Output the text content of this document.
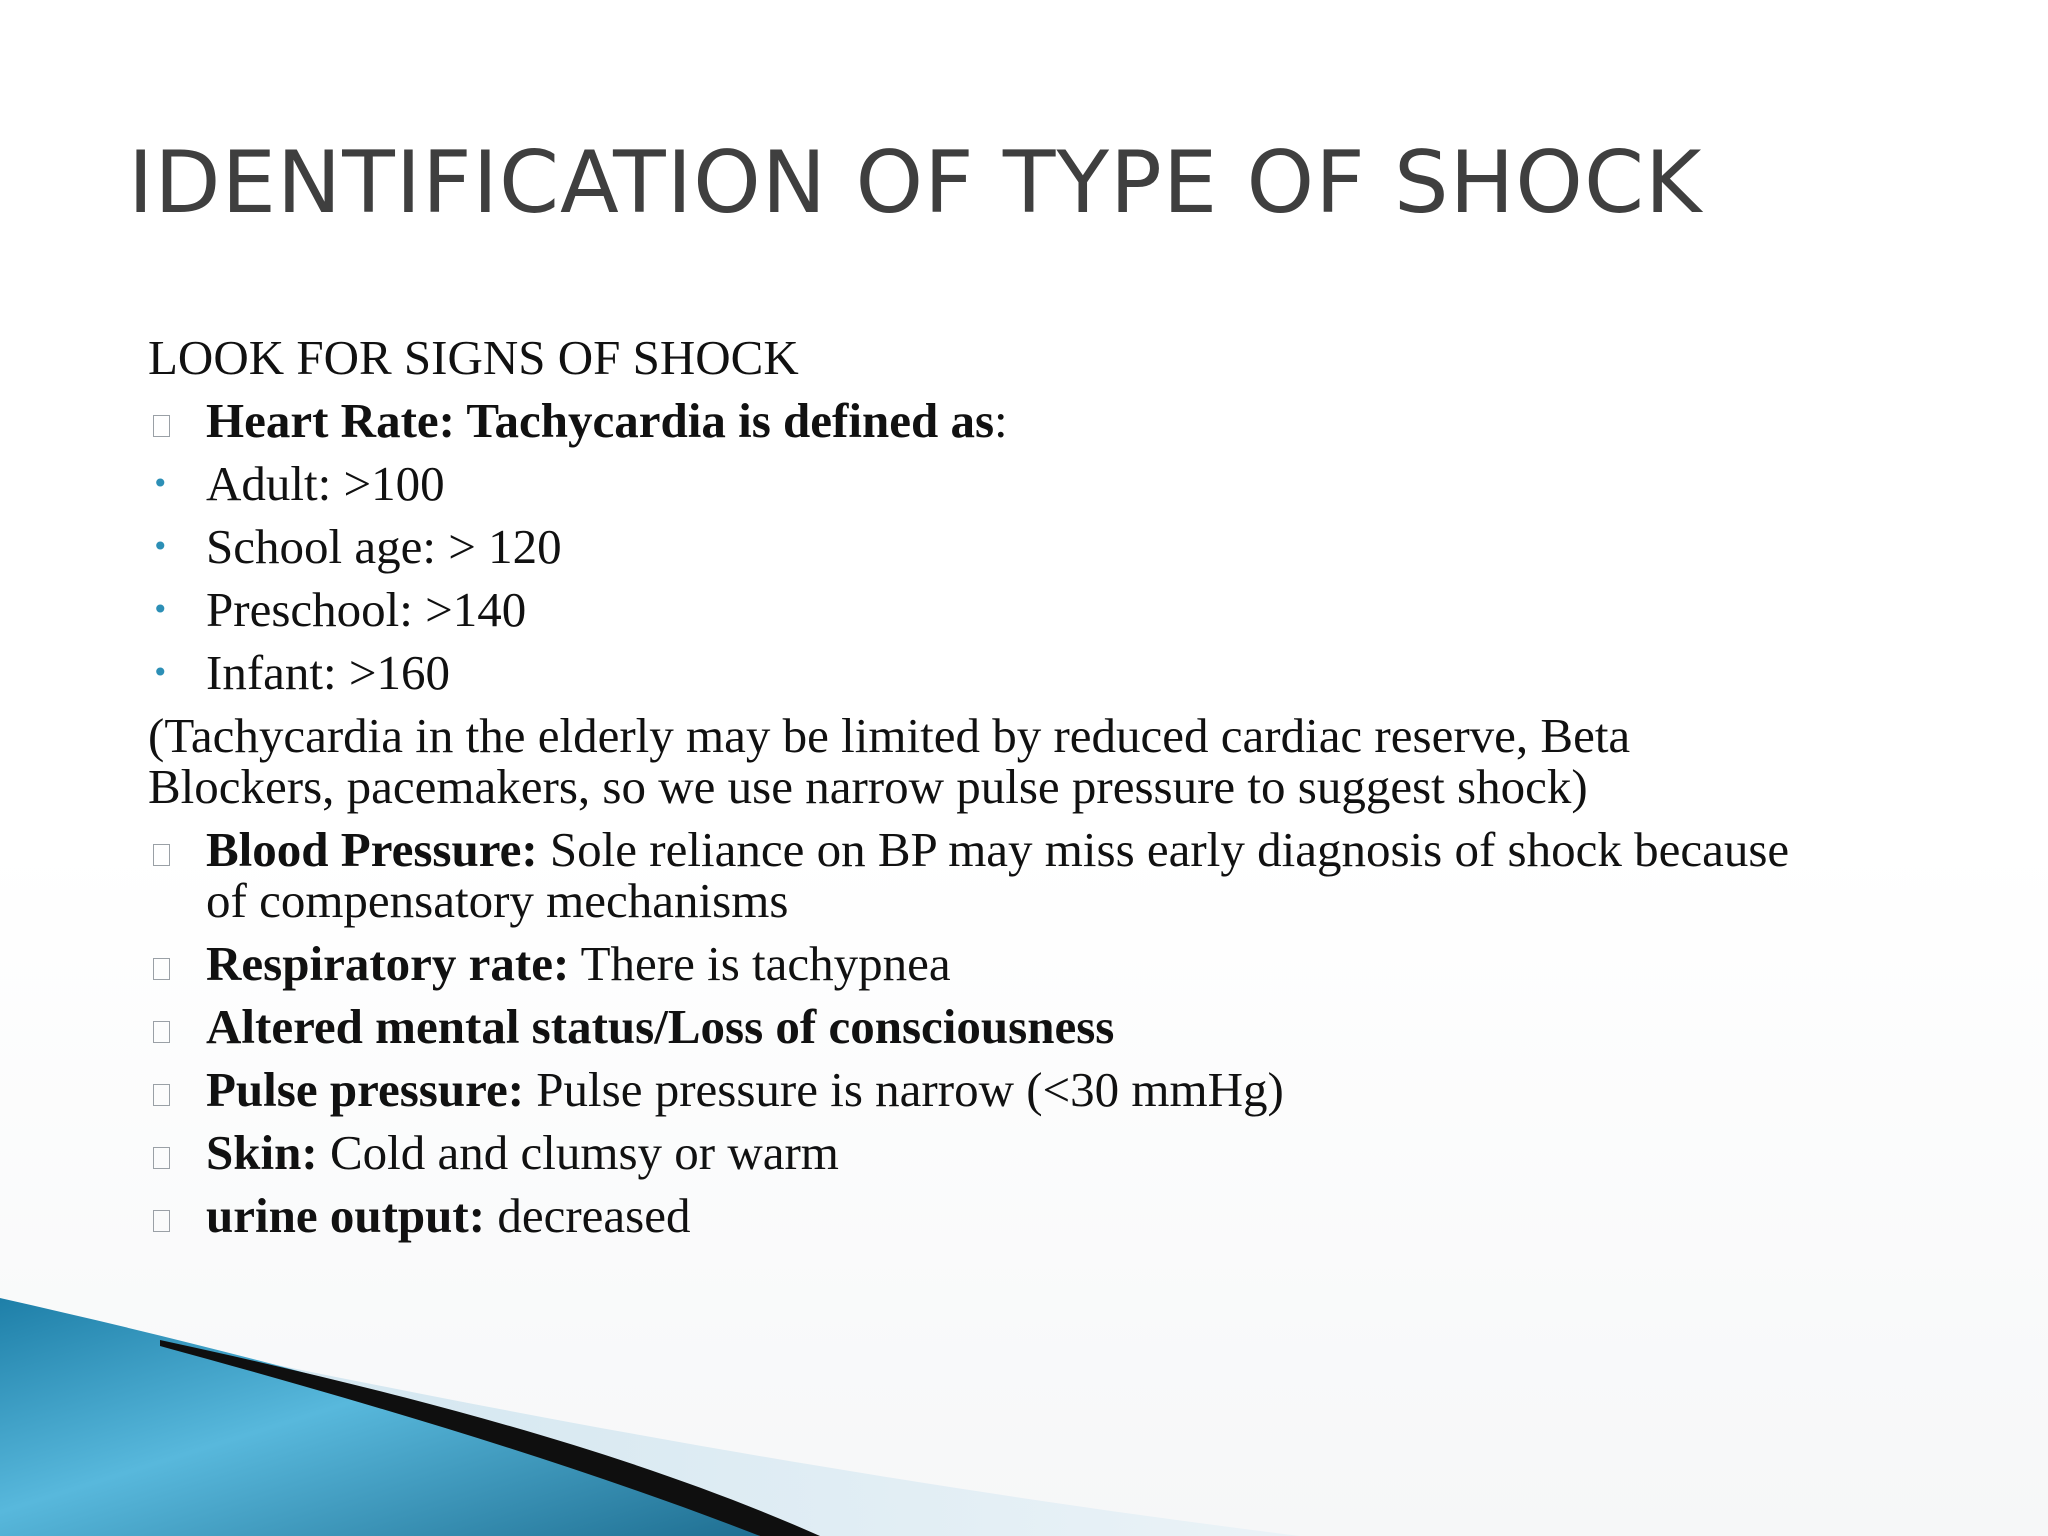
IDENTIFICATION OF TYPE OF SHOCK
LOOK FOR SIGNS OF SHOCK
Heart Rate: Tachycardia is defined as:
• Adult: >100
• School age: > 120
• Preschool: >140
• Infant: >160
(Tachycardia in the elderly may be limited by reduced cardiac reserve, Beta Blockers, pacemakers, so we use narrow pulse pressure to suggest shock)
Blood Pressure: Sole reliance on BP may miss early diagnosis of shock because of compensatory mechanisms
Respiratory rate: There is tachypnea
Altered mental status/Loss of consciousness
Pulse pressure: Pulse pressure is narrow (<30 mmHg)
Skin: Cold and clumsy or warm
urine output: decreased
